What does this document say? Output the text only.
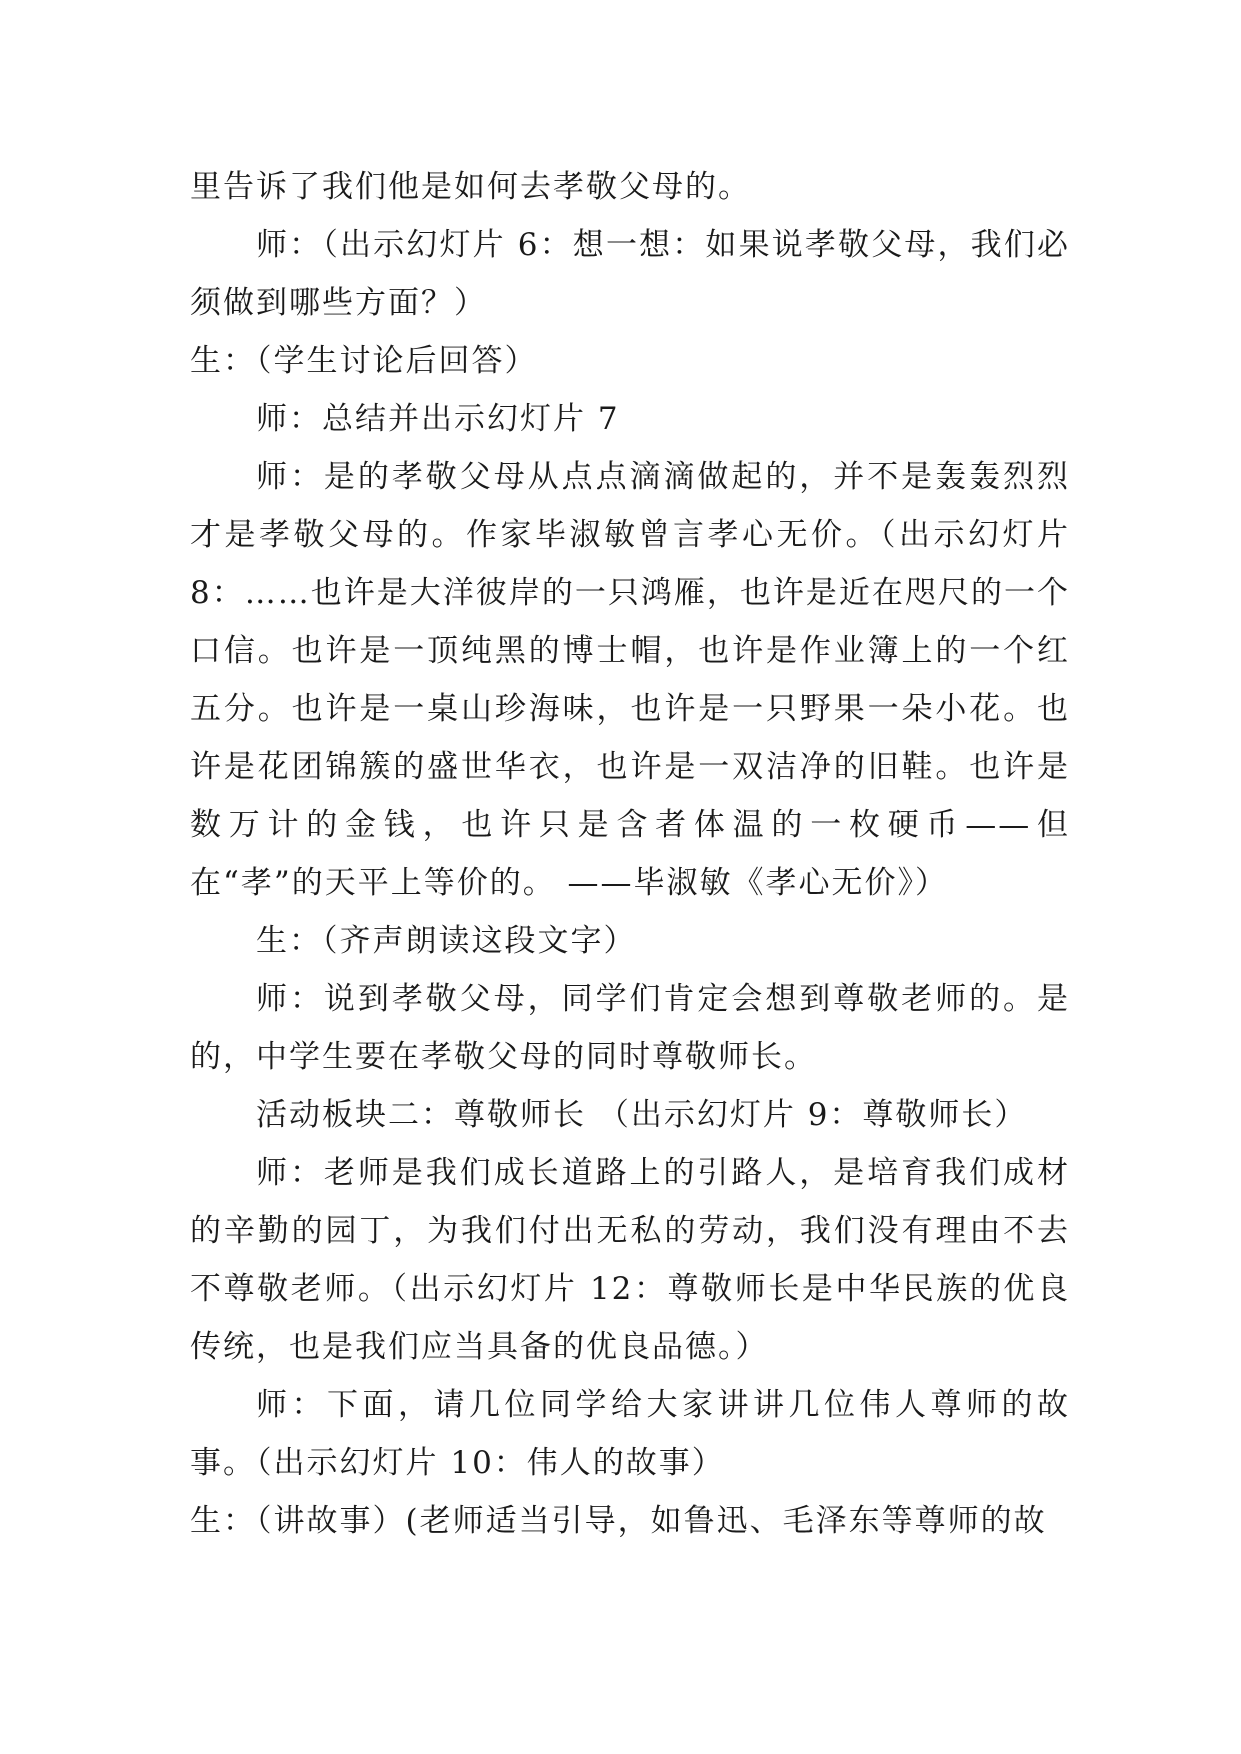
里告诉了我们他是如何去孝敬父母的。

师：（出示幻灯片 6：想一想：如果说孝敬父母，我们必须做到哪些方面？）

生：（学生讨论后回答）

师：总结并出示幻灯片 7

师：是的孝敬父母从点点滴滴做起的，并不是轰轰烈烈才是孝敬父母的。作家毕淑敏曾言孝心无价。（出示幻灯片 8：……也许是大洋彼岸的一只鸿雁，也许是近在咫尺的一个口信。也许是一顶纯黑的博士帽，也许是作业簿上的一个红五分。也许是一桌山珍海味，也许是一只野果一朵小花。也许是花团锦簇的盛世华衣，也许是一双洁净的旧鞋。也许是数万计的金钱，也许只是含者体温的一枚硬币——但在“孝”的天平上等价的。 ——毕淑敏《孝心无价》）

生：（齐声朗读这段文字）

师：说到孝敬父母，同学们肯定会想到尊敬老师的。是的，中学生要在孝敬父母的同时尊敬师长。

活动板块二：尊敬师长 （出示幻灯片 9：尊敬师长）

师：老师是我们成长道路上的引路人，是培育我们成材的辛勤的园丁，为我们付出无私的劳动，我们没有理由不去不尊敬老师。（出示幻灯片 12：尊敬师长是中华民族的优良传统，也是我们应当具备的优良品德。）

师：下面，请几位同学给大家讲讲几位伟人尊师的故事。（出示幻灯片 10：伟人的故事）

生：（讲故事）(老师适当引导，如鲁迅、毛泽东等尊师的故
